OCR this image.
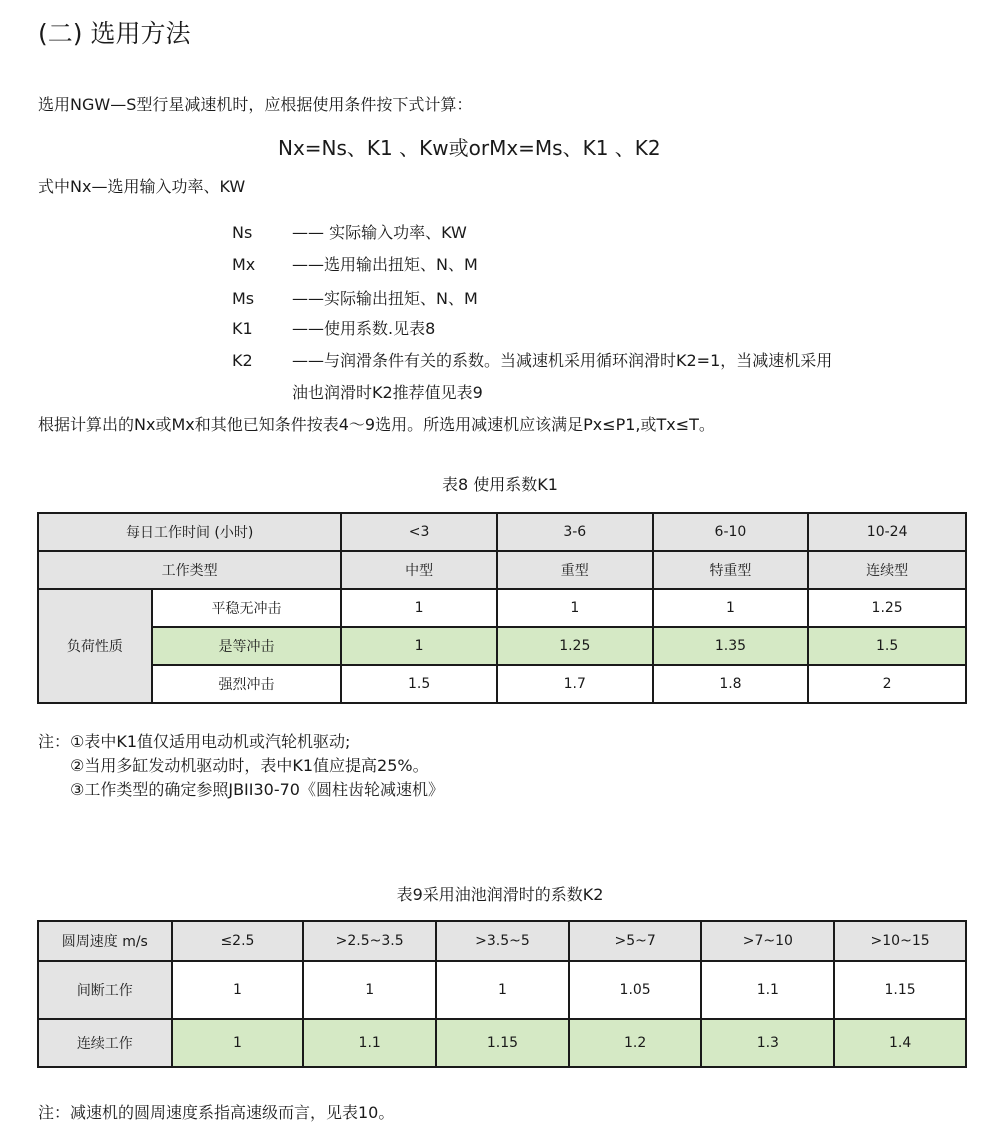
(二) 选用方法
选用NGW—S型行星减速机时，应根据使用条件按下式计算：
Nx=Ns、K1 、Kw或orMx=Ms、K1 、K2
式中Nx—选用输入功率、KW
Ns —— 实际输入功率、KW
Mx ——选用输出扭矩、N、M
Ms ——实际输出扭矩、N、M
K1 ——使用系数.见表8
K2 ——与润滑条件有关的系数。当减速机采用循环润滑时K2=1，当减速机采用
油也润滑时K2推荐值见表9
根据计算出的Nx或Mx和其他已知条件按表4～9选用。所选用减速机应该满足Px≤P1,或Tx≤T。
表8 使用系数K1
每日工作时间 (小时)		<3	3-6	6-10	10-24
工作类型		中型	重型	特重型	连续型
负荷性质	平稳无冲击	1	1	1	1.25
	是等冲击	1	1.25	1.35	1.5
	强烈冲击	1.5	1.7	1.8	2
注：①表中K1值仅适用电动机或汽轮机驱动;
②当用多缸发动机驱动时，表中K1值应提高25%。
③工作类型的确定参照JBII30-70《圆柱齿轮减速机》
表9采用油池润滑时的系数K2
圆周速度 m/s	≤2.5	>2.5~3.5	>3.5~5	>5~7	>7~10	>10~15
间断工作	1	1	1	1.05	1.1	1.15
连续工作	1	1.1	1.15	1.2	1.3	1.4
注：减速机的圆周速度系指高速级而言，见表10。
